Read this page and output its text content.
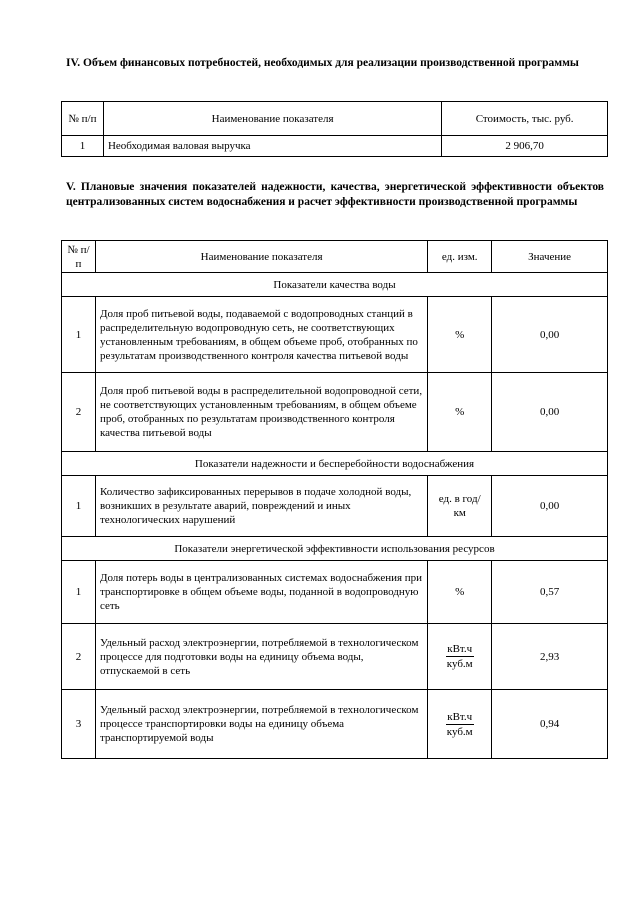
IV. Объем финансовых потребностей, необходимых для реализации производственной программы
№ п/п	Наименование показателя	Стоимость, тыс. руб.
1	Необходимая валовая выручка	2 906,70
V. Плановые значения показателей надежности, качества, энергетической эффективности объектов централизованных систем водоснабжения и расчет эффективности производственной программы
№ п/п	Наименование показателя	ед. изм.	Значение
Показатели качества воды			
1	Доля проб питьевой воды, подаваемой с водопроводных станций в распределительную водопроводную сеть, не соответствующих установленным требованиям, в общем объеме проб, отобранных по результатам производственного контроля качества питьевой воды	%	0,00
2	Доля проб питьевой воды в распределительной водопроводной сети, не соответствующих установленным требованиям, в общем объеме проб, отобранных по результатам производственного контроля качества питьевой воды	%	0,00
Показатели надежности и бесперебойности водоснабжения			
1	Количество зафиксированных перерывов в подаче холодной воды, возникших в результате аварий, повреждений и иных технологических нарушений	ед. в год/ км	0,00
Показатели энергетической эффективности использования ресурсов			
1	Доля потерь воды в централизованных системах водоснабжения при транспортировке в общем объеме воды, поданной в водопроводную сеть	%	0,57
2	Удельный расход электроэнергии, потребляемой в технологическом процессе для подготовки воды на единицу объема воды, отпускаемой в сеть	$\frac{\text{кВт.ч}}{\text{куб.м}}$	2,93
3	Удельный расход электроэнергии, потребляемой в технологическом процессе транспортировки воды на единицу объема транспортируемой воды	$\frac{\text{кВт.ч}}{\text{куб.м}}$	0,94
